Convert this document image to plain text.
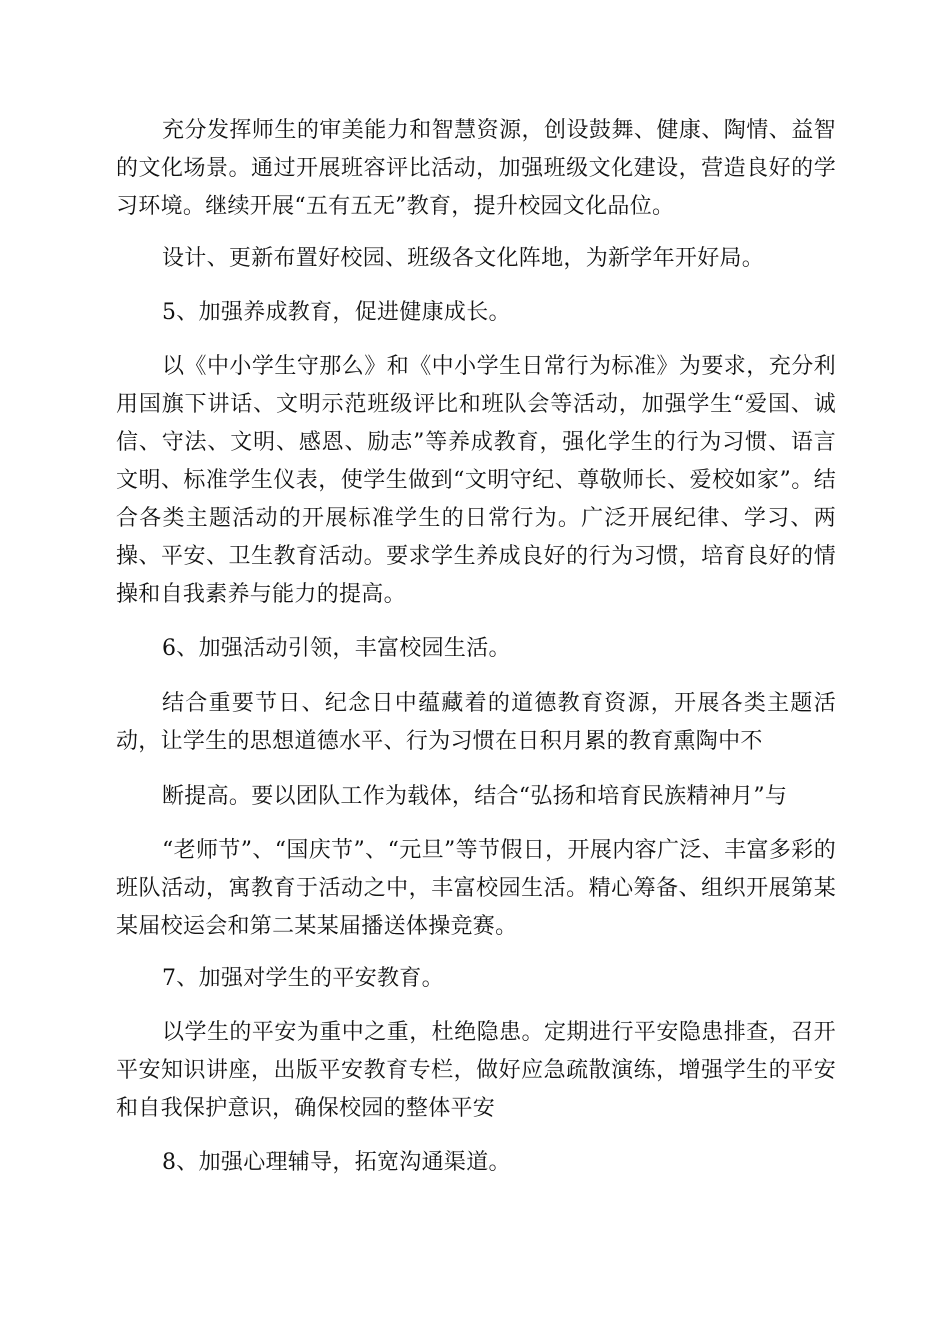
充分发挥师生的审美能力和智慧资源，创设鼓舞、健康、陶情、益智的文化场景。通过开展班容评比活动，加强班级文化建设，营造良好的学习环境。继续开展“五有五无”教育，提升校园文化品位。

设计、更新布置好校园、班级各文化阵地，为新学年开好局。

5、加强养成教育，促进健康成长。

以《中小学生守那么》和《中小学生日常行为标准》为要求，充分利用国旗下讲话、文明示范班级评比和班队会等活动，加强学生“爱国、诚信、守法、文明、感恩、励志”等养成教育，强化学生的行为习惯、语言文明、标准学生仪表，使学生做到“文明守纪、尊敬师长、爱校如家”。结合各类主题活动的开展标准学生的日常行为。广泛开展纪律、学习、两操、平安、卫生教育活动。要求学生养成良好的行为习惯，培育良好的情操和自我素养与能力的提高。

6、加强活动引领，丰富校园生活。

结合重要节日、纪念日中蕴藏着的道德教育资源，开展各类主题活动，让学生的思想道德水平、行为习惯在日积月累的教育熏陶中不

断提高。要以团队工作为载体，结合“弘扬和培育民族精神月”与

“老师节”、“国庆节”、“元旦”等节假日，开展内容广泛、丰富多彩的班队活动，寓教育于活动之中，丰富校园生活。精心筹备、组织开展第某某届校运会和第二某某届播送体操竞赛。

7、加强对学生的平安教育。

以学生的平安为重中之重，杜绝隐患。定期进行平安隐患排查，召开平安知识讲座，出版平安教育专栏，做好应急疏散演练，增强学生的平安和自我保护意识，确保校园的整体平安

8、加强心理辅导，拓宽沟通渠道。
